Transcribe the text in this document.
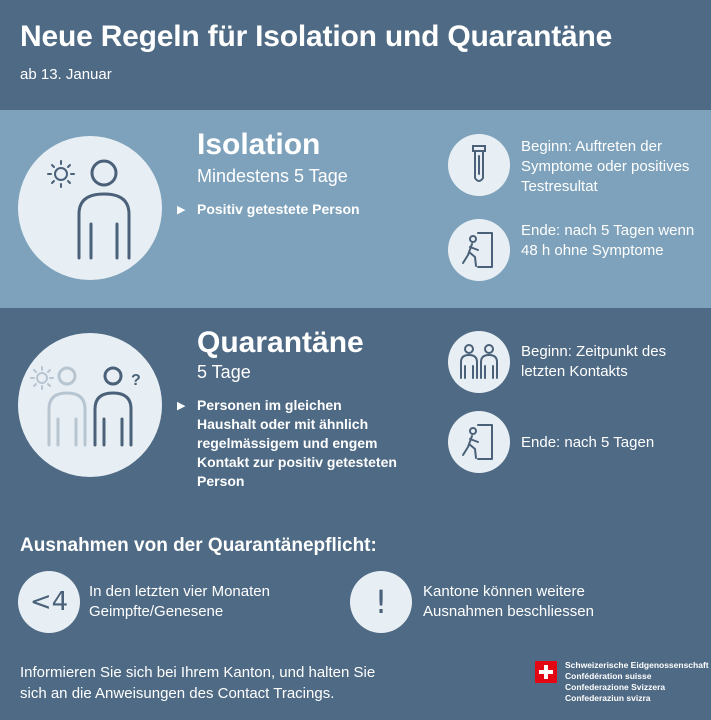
Neue Regeln für Isolation und Quarantäne
ab 13. Januar
Isolation
Mindestens 5 Tage
▶ Positiv getestete Person
Beginn: Auftreten der Symptome oder positives Testresultat
Ende: nach 5 Tagen wenn 48 h ohne Symptome
?
Quarantäne
5 Tage
▶ Personen im gleichen Haushalt oder mit ähnlich regelmässigem und engem Kontakt zur positiv getesteten Person
Beginn: Zeitpunkt des letzten Kontakts
Ende: nach 5 Tagen
Ausnahmen von der Quarantänepflicht:
<4 In den letzten vier Monaten Geimpfte/Genesene	! Kantone können weitere Ausnahmen beschliessen
Informieren Sie sich bei Ihrem Kanton, und halten Sie sich an die Anweisungen des Contact Tracings.
Schweizerische Eidgenossenschaft
Confédération suisse
Confederazione Svizzera
Confederaziun svizra
